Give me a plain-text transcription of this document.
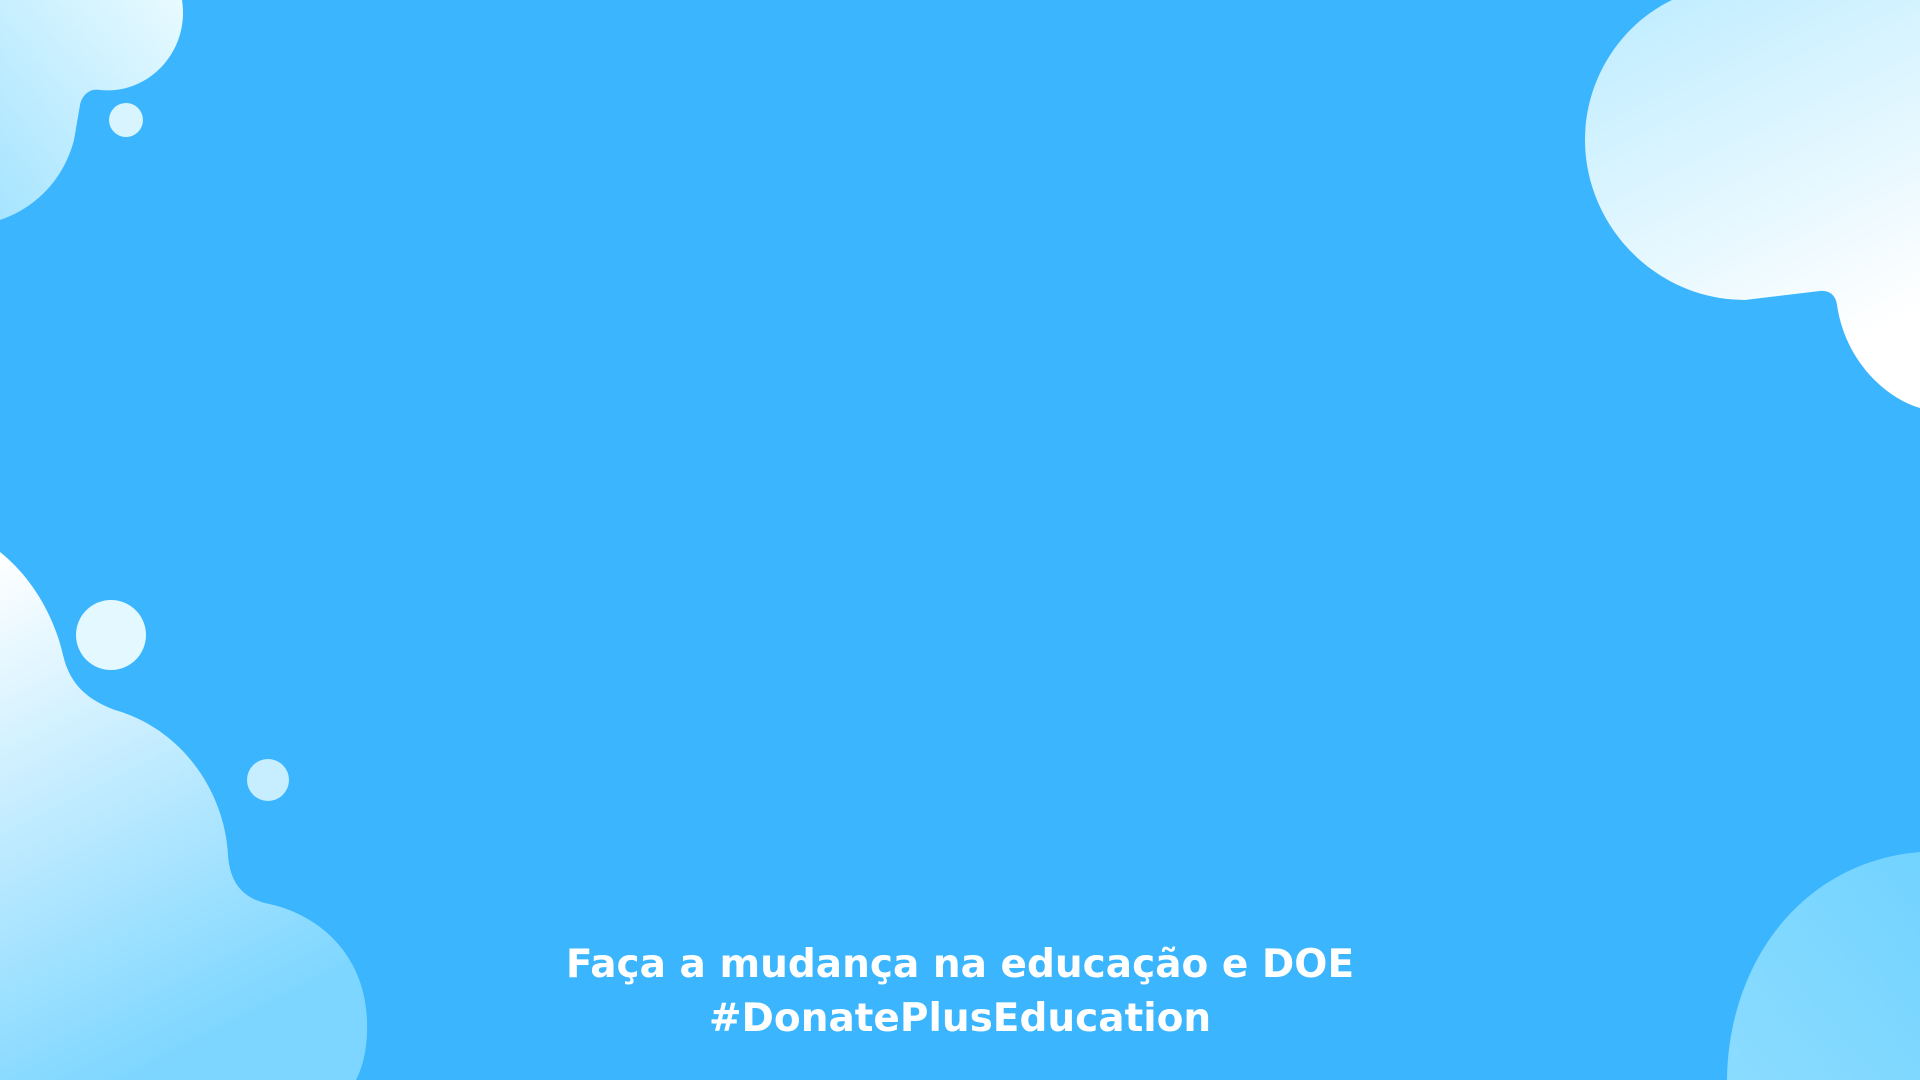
Faça a mudança na educação e DOE
#DonatePlusEducation
